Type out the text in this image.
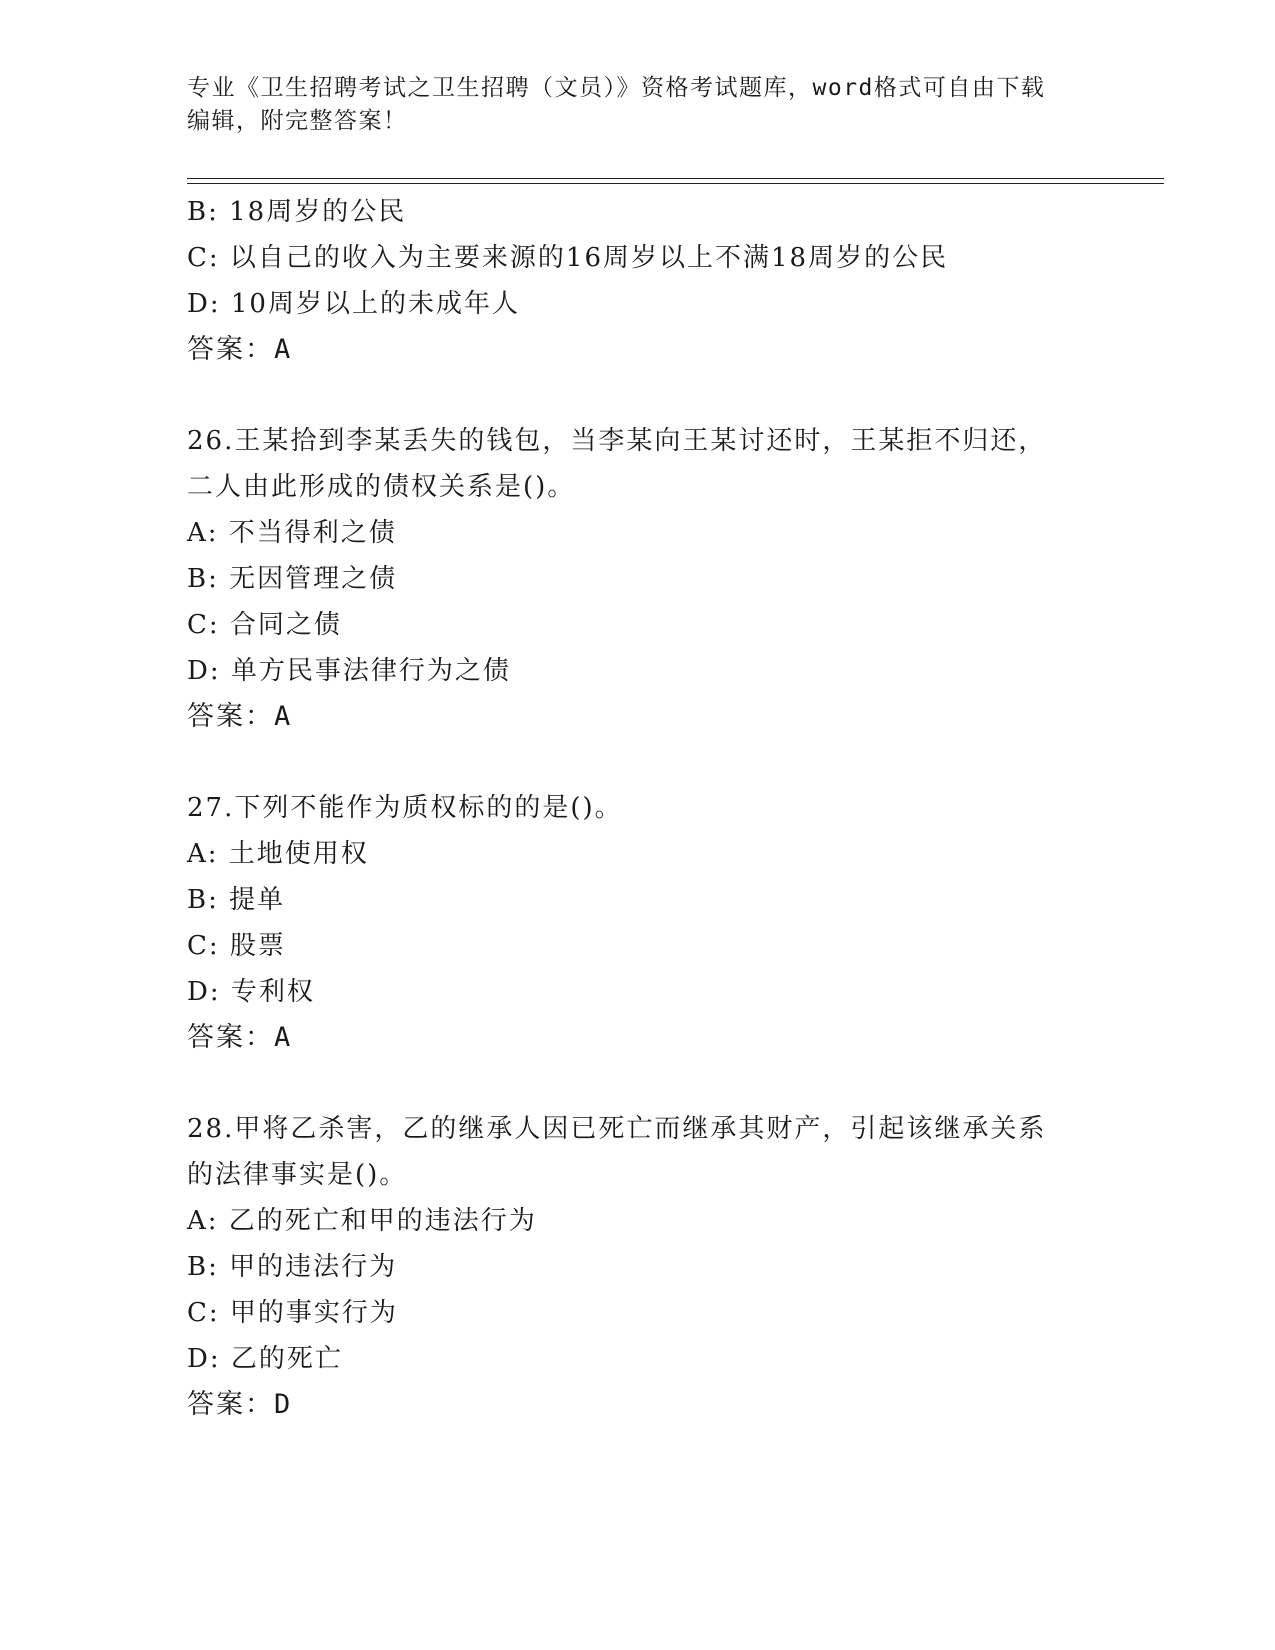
专业《卫生招聘考试之卫生招聘（文员）》资格考试题库，word格式可自由下载
编辑，附完整答案！
B: 18周岁的公民
C: 以自己的收入为主要来源的16周岁以上不满18周岁的公民
D: 10周岁以上的未成年人
答案：A
26.王某拾到李某丢失的钱包，当李某向王某讨还时，王某拒不归还，
二人由此形成的债权关系是()。
A: 不当得利之债
B: 无因管理之债
C: 合同之债
D: 单方民事法律行为之债
答案：A
27.下列不能作为质权标的的是()。
A: 土地使用权
B: 提单
C: 股票
D: 专利权
答案：A
28.甲将乙杀害，乙的继承人因已死亡而继承其财产，引起该继承关系
的法律事实是()。
A: 乙的死亡和甲的违法行为
B: 甲的违法行为
C: 甲的事实行为
D: 乙的死亡
答案：D
